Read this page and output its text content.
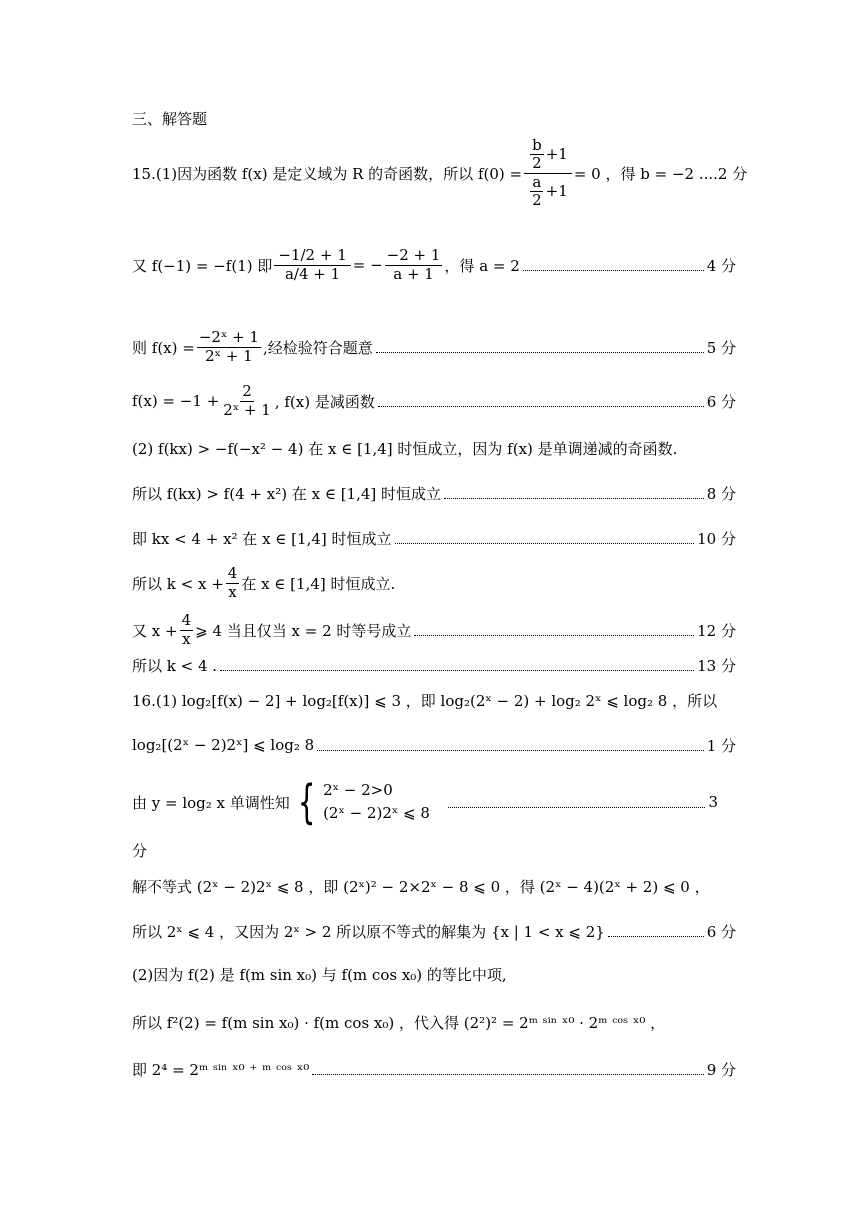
三、解答题
15.(1)因为函数 f(x) 是定义域为 R 的奇函数，所以 $f(0) = \frac{\frac{b}{2} +1}{\frac{a}{2} +1} = 0$ ，得 b = −2 ....2 分
又 f(−1) = −f(1) 即 $\frac{-1/2 + 1}{a/4 + 1}$ = − $\frac{-2 + 1}{a + 1}$ ，得 a = 2	4 分
则 $f(x) = \frac{\text{−2ˣ + 1}}{\text{2ˣ + 1}}$ ,经检验符合题意	5 分
$f(x) = -1 + \frac{2}{\text{2ˣ + 1}}$ , f(x) 是减函数	6 分
(2) f(kx) > −f(−x² − 4) 在 x ∈ [1,4] 时恒成立，因为 f(x) 是单调递减的奇函数.
所以 f(kx) > f(4 + x²) 在 x ∈ [1,4] 时恒成立	8 分
即 kx < 4 + x² 在 x ∈ [1,4] 时恒成立	10 分
所以 $k < x + \frac{4}{x}$ 在 x ∈ [1,4] 时恒成立.
又 $x + \frac{4}{x}$ ⩾ 4 当且仅当 x = 2 时等号成立	12 分
所以 k < 4 .	13 分
16.(1) log₂[f(x) − 2] + log₂[f(x)] ⩽ 3 ，即 log₂(2ˣ − 2) + log₂ 2ˣ ⩽ log₂ 8 ，所以
log₂[(2ˣ − 2)2ˣ] ⩽ log₂ 8	1 分
由 y = log₂ x 单调性知 { 2ˣ − 2>0
(2ˣ − 2)2ˣ ⩽ 8
3
分
解不等式 (2ˣ − 2)2ˣ ⩽ 8 ，即 (2ˣ)² − 2×2ˣ − 8 ⩽ 0 ，得 (2ˣ − 4)(2ˣ + 2) ⩽ 0 ，
所以 2ˣ ⩽ 4 ，又因为 2ˣ > 2 所以原不等式的解集为 {x | 1 < x ⩽ 2}	6 分
(2)因为 f(2) 是 f(m sin x₀) 与 f(m cos x₀) 的等比中项,
所以 f²(2) = f(m sin x₀) · f(m cos x₀) ，代入得 (2²)² = 2ᵐ ˢⁱⁿ ˣ⁰ · 2ᵐ ᶜᵒˢ ˣ⁰ ，
即 2⁴ = 2ᵐ ˢⁱⁿ ˣ⁰ ⁺ ᵐ ᶜᵒˢ ˣ⁰	9 分
